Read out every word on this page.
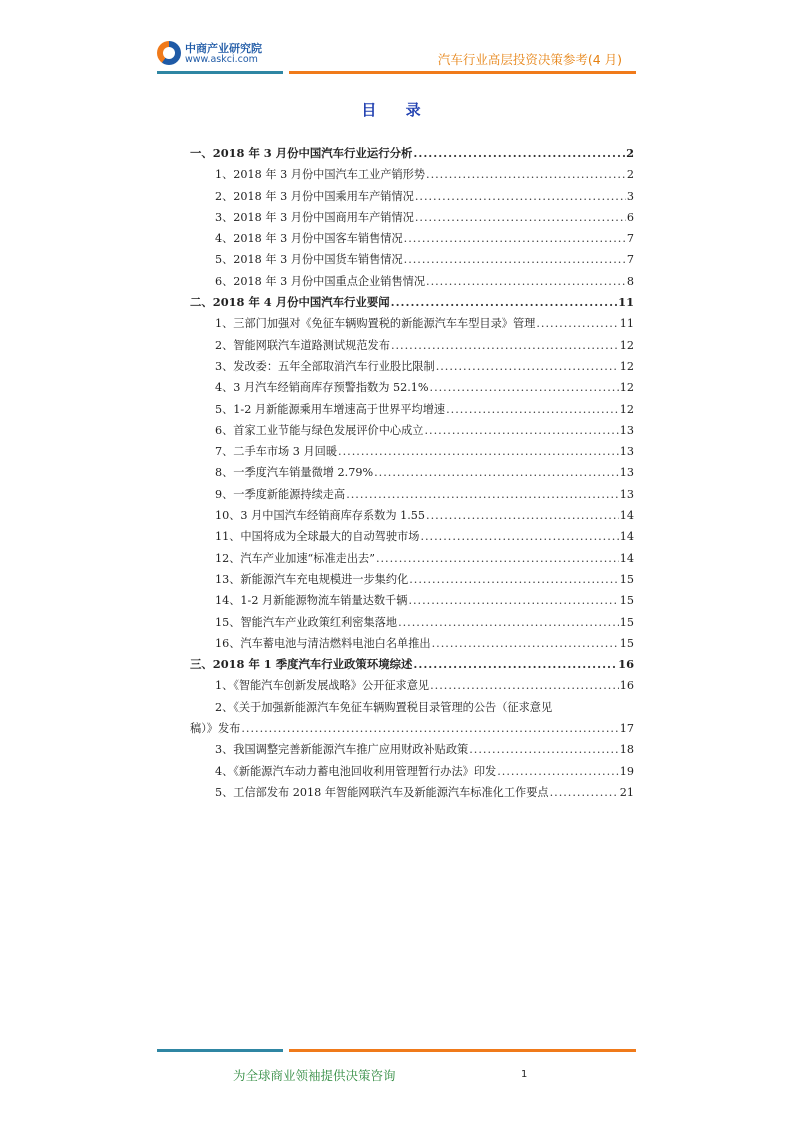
中商产业研究院
www.askci.com	汽车行业高层投资决策参考(4 月)
目 录
一、2018 年 3 月份中国汽车行业运行分析 .....	2
1、2018 年 3 月份中国汽车工业产销形势 .....	2
2、2018 年 3 月份中国乘用车产销情况 .....	3
3、2018 年 3 月份中国商用车产销情况 .....	6
4、2018 年 3 月份中国客车销售情况 .....	7
5、2018 年 3 月份中国货车销售情况 .....	7
6、2018 年 3 月份中国重点企业销售情况 .....	8
二、2018 年 4 月份中国汽车行业要闻 .....	11
1、三部门加强对《免征车辆购置税的新能源汽车车型目录》管理 .....	11
2、智能网联汽车道路测试规范发布 .....	12
3、发改委：五年全部取消汽车行业股比限制 .....	12
4、3 月汽车经销商库存预警指数为 52.1% .....	12
5、1-2 月新能源乘用车增速高于世界平均增速 .....	12
6、首家工业节能与绿色发展评价中心成立 .....	13
7、二手车市场 3 月回暖 .....	13
8、一季度汽车销量微增 2.79% .....	13
9、一季度新能源持续走高 .....	13
10、3 月中国汽车经销商库存系数为 1.55 .....	14
11、中国将成为全球最大的自动驾驶市场 .....	14
12、汽车产业加速“标准走出去” .....	14
13、新能源汽车充电规模进一步集约化 .....	15
14、1-2 月新能源物流车销量达数千辆 .....	15
15、智能汽车产业政策红利密集落地 .....	15
16、汽车蓄电池与清洁燃料电池白名单推出 .....	15
三、2018 年 1 季度汽车行业政策环境综述 .....	16
1、《智能汽车创新发展战略》公开征求意见 .....	16
2、《关于加强新能源汽车免征车辆购置税目录管理的公告（征求意见
稿）》发布 .....	17
3、我国调整完善新能源汽车推广应用财政补贴政策 .....	18
4、《新能源汽车动力蓄电池回收利用管理暂行办法》印发 .....	19
5、工信部发布 2018 年智能网联汽车及新能源汽车标准化工作要点 .....	21
为全球商业领袖提供决策咨询	1
